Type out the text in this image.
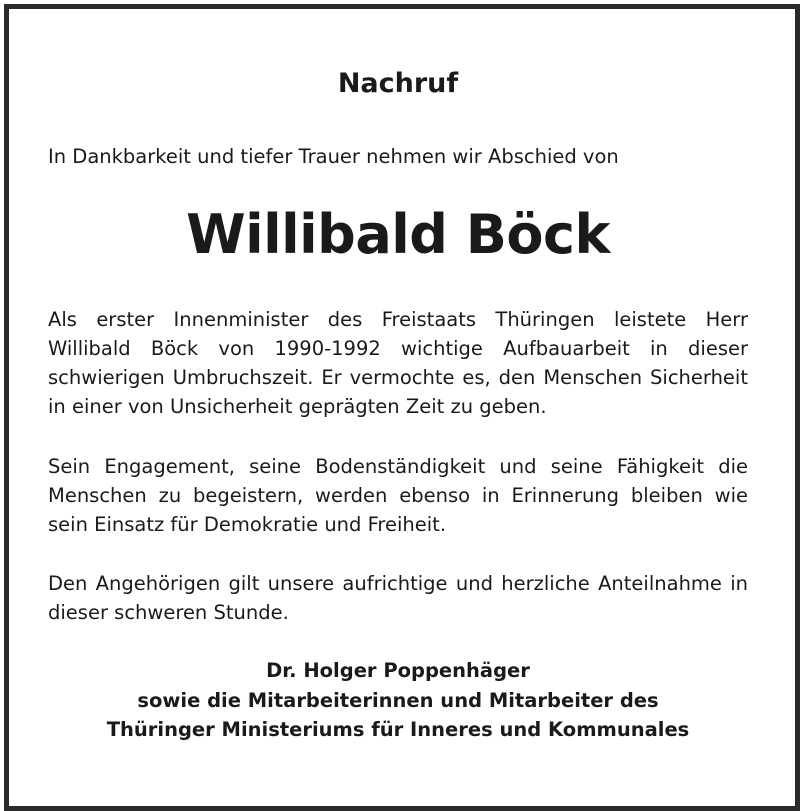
Nachruf
In Dankbarkeit und tiefer Trauer nehmen wir Abschied von
Willibald Böck
Als erster Innenminister des Freistaats Thüringen leistete Herr
Willibald Böck von 1990-1992 wichtige Aufbauarbeit in dieser
schwierigen Umbruchszeit. Er vermochte es, den Menschen Sicherheit
in einer von Unsicherheit geprägten Zeit zu geben.
Sein Engagement, seine Bodenständigkeit und seine Fähigkeit die
Menschen zu begeistern, werden ebenso in Erinnerung bleiben wie
sein Einsatz für Demokratie und Freiheit.
Den Angehörigen gilt unsere aufrichtige und herzliche Anteilnahme in
dieser schweren Stunde.
Dr. Holger Poppenhäger
sowie die Mitarbeiterinnen und Mitarbeiter des
Thüringer Ministeriums für Inneres und Kommunales
